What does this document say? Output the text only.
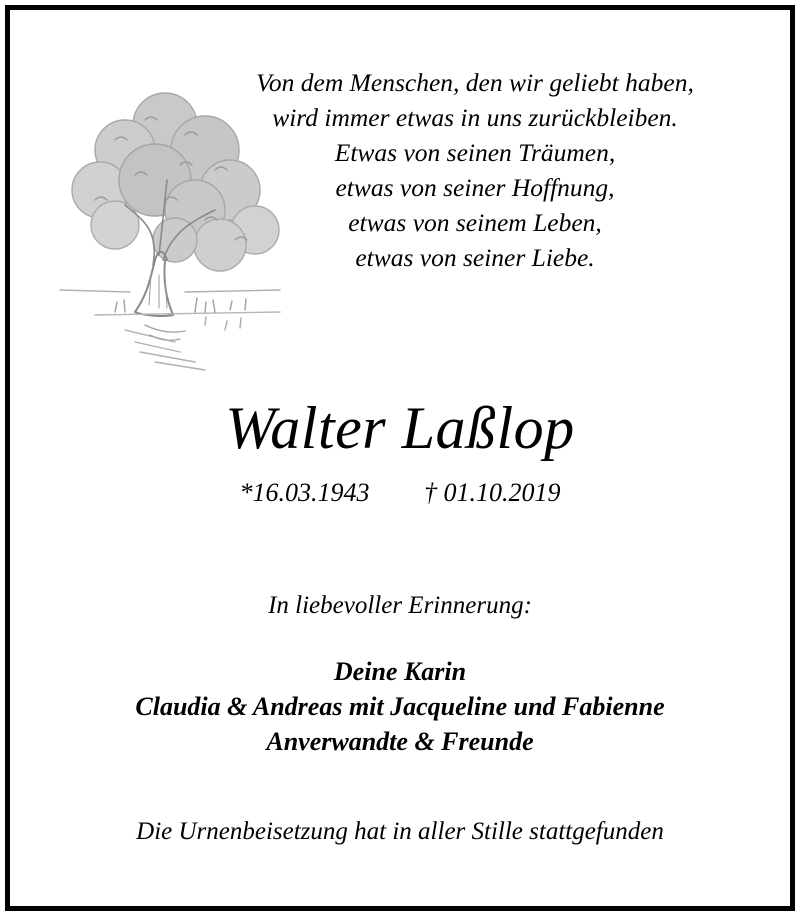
Von dem Menschen, den wir geliebt haben,
wird immer etwas in uns zurückbleiben.
Etwas von seinen Träumen,
etwas von seiner Hoffnung,
etwas von seinem Leben,
etwas von seiner Liebe.
Walter Laßlop
*16.03.1943 † 01.10.2019
In liebevoller Erinnerung:
Deine Karin
Claudia & Andreas mit Jacqueline und Fabienne
Anverwandte & Freunde
Die Urnenbeisetzung hat in aller Stille stattgefunden
